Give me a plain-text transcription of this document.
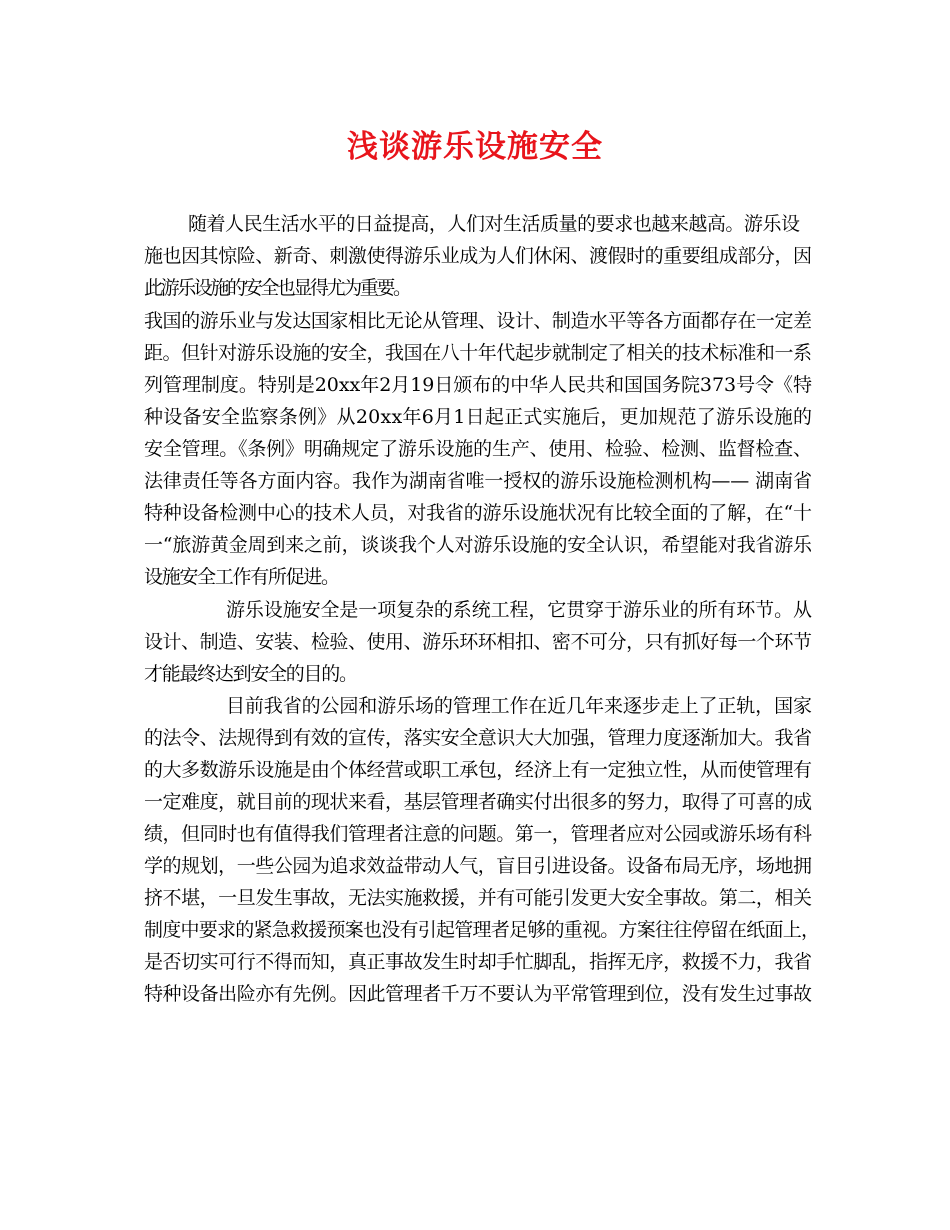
浅谈游乐设施安全
随着人民生活水平的日益提高，人们对生活质量的要求也越来越高。游乐设
施也因其惊险、新奇、刺激使得游乐业成为人们休闲、渡假时的重要组成部分，因
此游乐设施的安全也显得尤为重要。
我国的游乐业与发达国家相比无论从管理、设计、制造水平等各方面都存在一定差
距。但针对游乐设施的安全，我国在八十年代起步就制定了相关的技术标准和一系
列管理制度。特别是20xx年2月19日颁布的中华人民共和国国务院373号令《特
种设备安全监察条例》从20xx年6月1日起正式实施后，更加规范了游乐设施的
安全管理。《条例》明确规定了游乐设施的生产、使用、检验、检测、监督检查、
法律责任等各方面内容。我作为湖南省唯一授权的游乐设施检测机构—— 湖南省
特种设备检测中心的技术人员，对我省的游乐设施状况有比较全面的了解，在“十
一“旅游黄金周到来之前，谈谈我个人对游乐设施的安全认识，希望能对我省游乐
设施安全工作有所促进。
游乐设施安全是一项复杂的系统工程，它贯穿于游乐业的所有环节。从
设计、制造、安装、检验、使用、游乐环环相扣、密不可分，只有抓好每一个环节
才能最终达到安全的目的。
目前我省的公园和游乐场的管理工作在近几年来逐步走上了正轨，国家
的法令、法规得到有效的宣传，落实安全意识大大加强，管理力度逐渐加大。我省
的大多数游乐设施是由个体经营或职工承包，经济上有一定独立性，从而使管理有
一定难度，就目前的现状来看，基层管理者确实付出很多的努力，取得了可喜的成
绩，但同时也有值得我们管理者注意的问题。第一，管理者应对公园或游乐场有科
学的规划，一些公园为追求效益带动人气，盲目引进设备。设备布局无序，场地拥
挤不堪，一旦发生事故，无法实施救援，并有可能引发更大安全事故。第二，相关
制度中要求的紧急救援预案也没有引起管理者足够的重视。方案往往停留在纸面上，
是否切实可行不得而知，真正事故发生时却手忙脚乱，指挥无序，救援不力，我省
特种设备出险亦有先例。因此管理者千万不要认为平常管理到位，没有发生过事故
